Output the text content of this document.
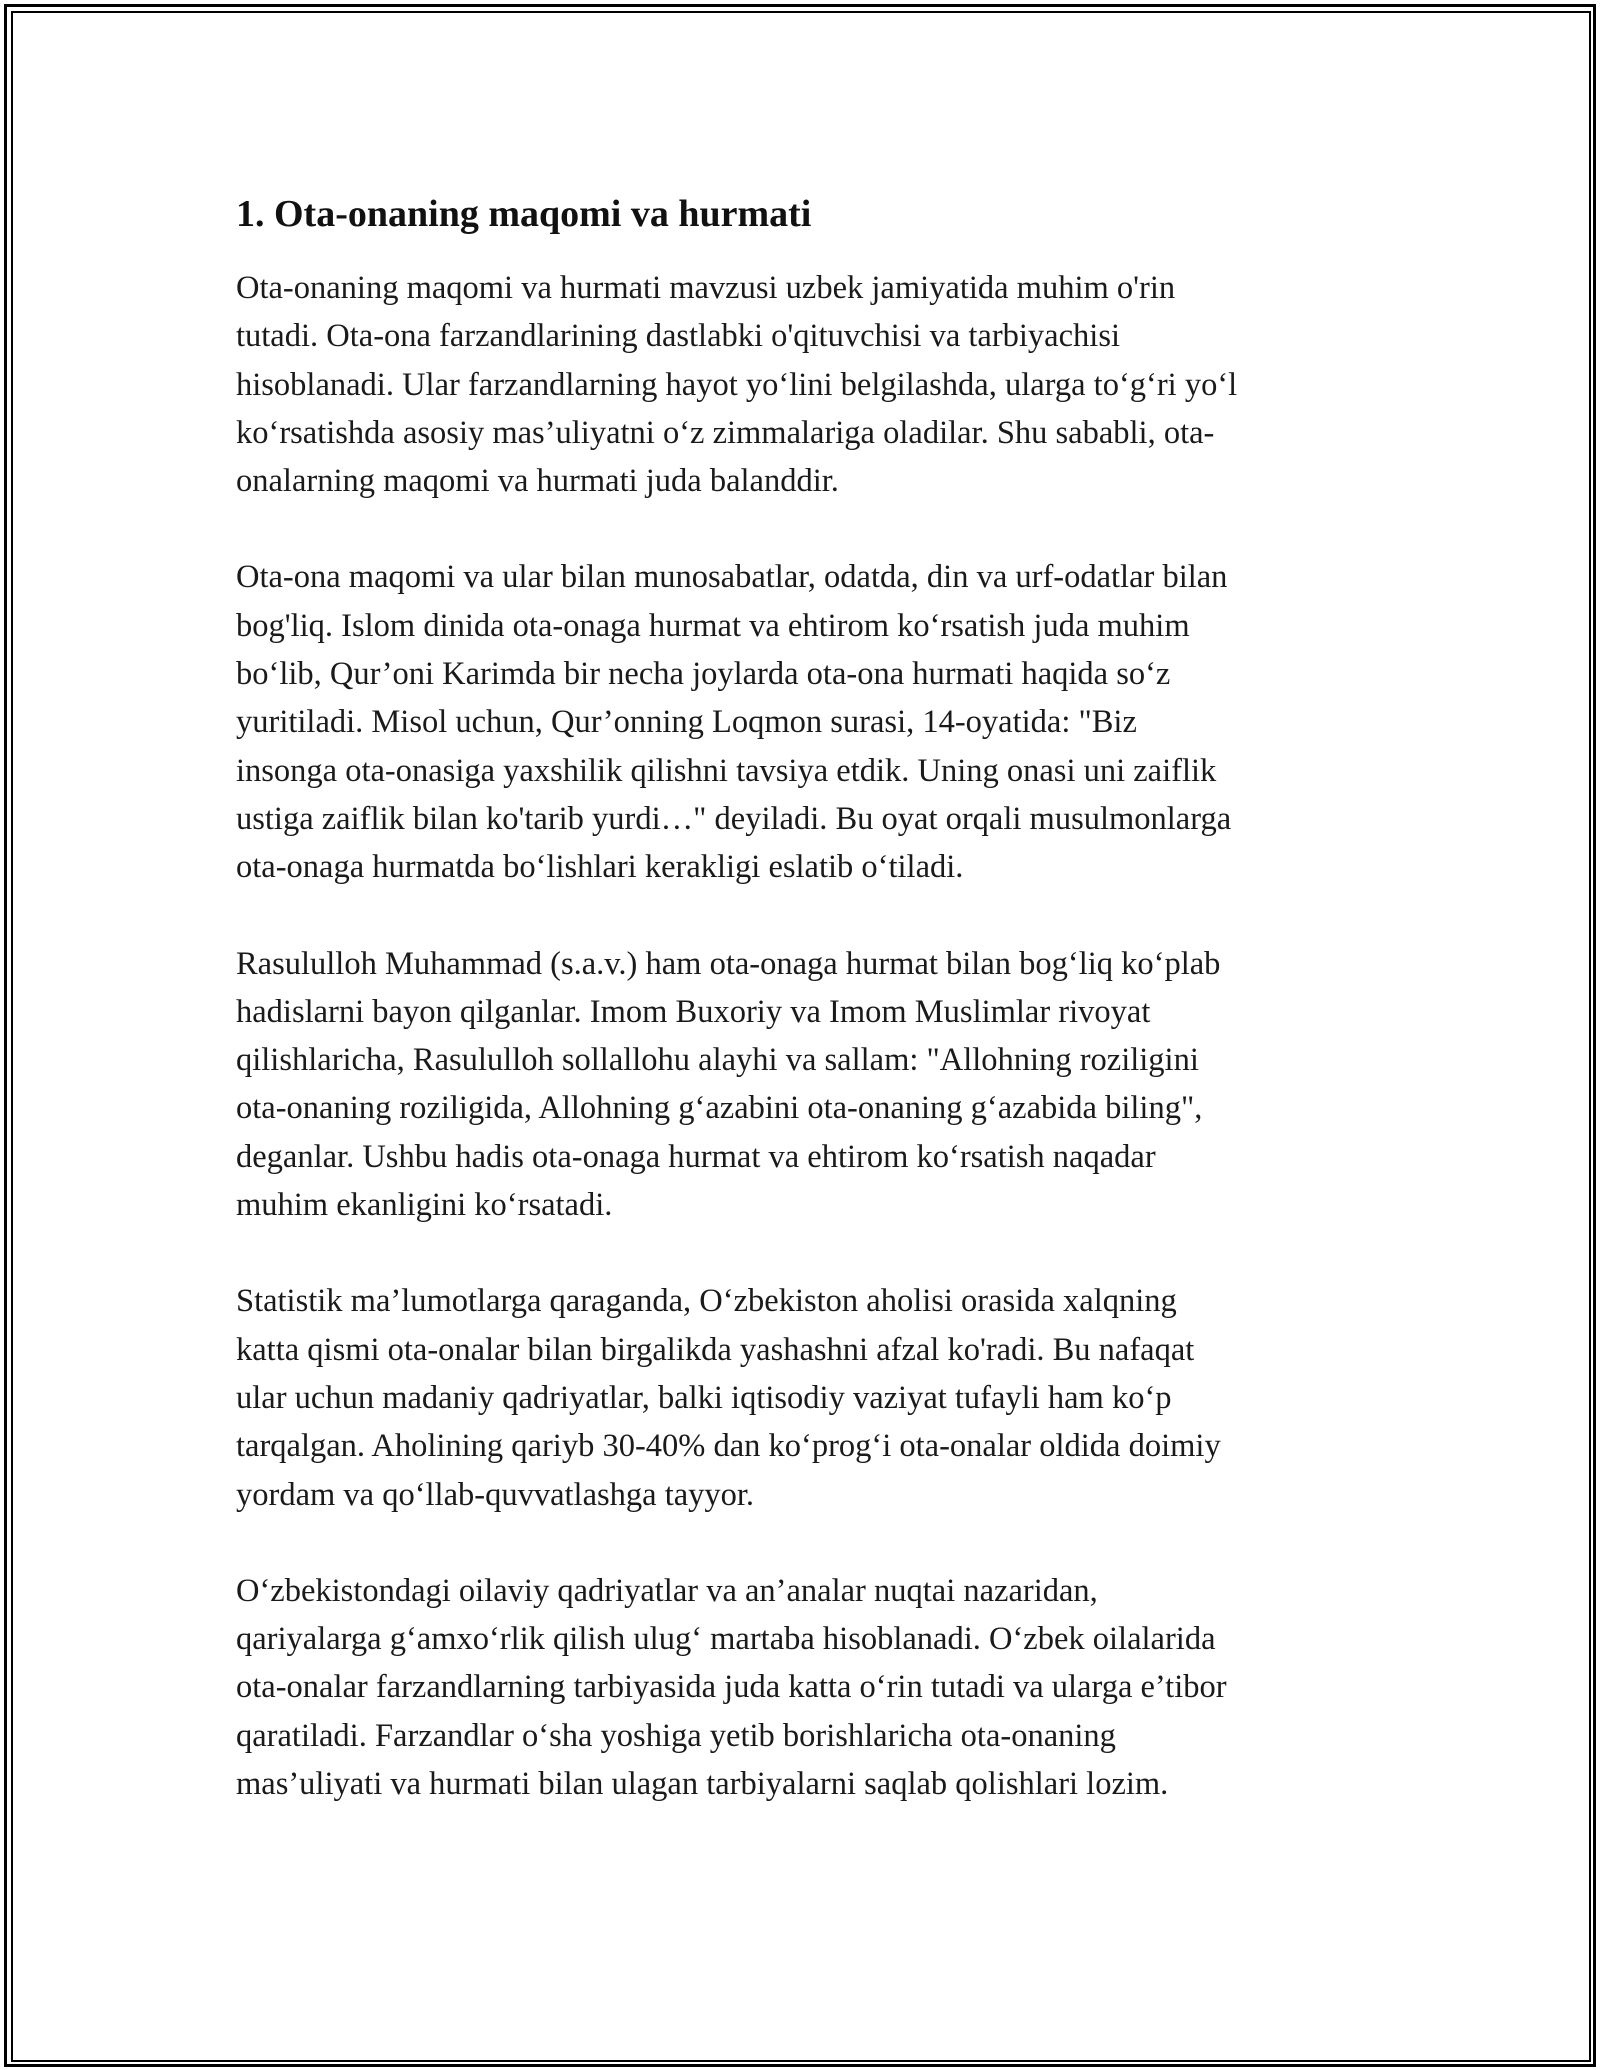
1. Ota-onaning maqomi va hurmati

Ota-onaning maqomi va hurmati mavzusi uzbek jamiyatida muhim o'rin
tutadi. Ota-ona farzandlarining dastlabki o'qituvchisi va tarbiyachisi
hisoblanadi. Ular farzandlarning hayot yo‘lini belgilashda, ularga to‘g‘ri yo‘l
ko‘rsatishda asosiy mas’uliyatni o‘z zimmalariga oladilar. Shu sababli, ota-
onalarning maqomi va hurmati juda balanddir.

Ota-ona maqomi va ular bilan munosabatlar, odatda, din va urf-odatlar bilan
bog'liq. Islom dinida ota-onaga hurmat va ehtirom ko‘rsatish juda muhim
bo‘lib, Qur’oni Karimda bir necha joylarda ota-ona hurmati haqida so‘z
yuritiladi. Misol uchun, Qur’onning Loqmon surasi, 14-oyatida: "Biz
insonga ota-onasiga yaxshilik qilishni tavsiya etdik. Uning onasi uni zaiflik
ustiga zaiflik bilan ko'tarib yurdi…" deyiladi. Bu oyat orqali musulmonlarga
ota-onaga hurmatda bo‘lishlari kerakligi eslatib o‘tiladi.

Rasululloh Muhammad (s.a.v.) ham ota-onaga hurmat bilan bog‘liq ko‘plab
hadislarni bayon qilganlar. Imom Buxoriy va Imom Muslimlar rivoyat
qilishlaricha, Rasululloh sollallohu alayhi va sallam: "Allohning roziligini
ota-onaning roziligida, Allohning g‘azabini ota-onaning g‘azabida biling",
deganlar. Ushbu hadis ota-onaga hurmat va ehtirom ko‘rsatish naqadar
muhim ekanligini ko‘rsatadi.

Statistik ma’lumotlarga qaraganda, O‘zbekiston aholisi orasida xalqning
katta qismi ota-onalar bilan birgalikda yashashni afzal ko'radi. Bu nafaqat
ular uchun madaniy qadriyatlar, balki iqtisodiy vaziyat tufayli ham ko‘p
tarqalgan. Aholining qariyb 30-40% dan ko‘prog‘i ota-onalar oldida doimiy
yordam va qo‘llab-quvvatlashga tayyor.

O‘zbekistondagi oilaviy qadriyatlar va an’analar nuqtai nazaridan,
qariyalarga g‘amxo‘rlik qilish ulug‘ martaba hisoblanadi. O‘zbek oilalarida
ota-onalar farzandlarning tarbiyasida juda katta o‘rin tutadi va ularga e’tibor
qaratiladi. Farzandlar o‘sha yoshiga yetib borishlaricha ota-onaning
mas’uliyati va hurmati bilan ulagan tarbiyalarni saqlab qolishlari lozim.
